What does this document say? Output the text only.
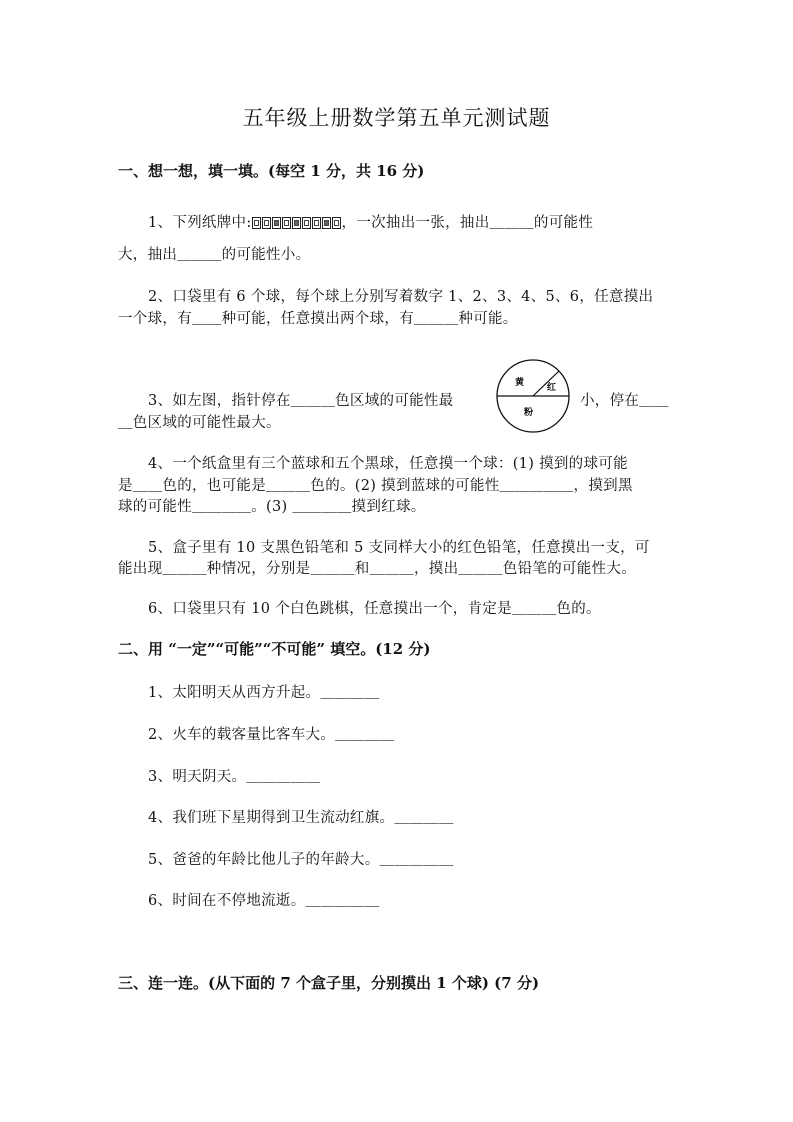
五年级上册数学第五单元测试题
一、想一想，填一填。(每空 1 分，共 16 分)
1、下列纸牌中:	，一次抽出一张，抽出＿＿＿的可能性
大，抽出＿＿＿的可能性小。
2、口袋里有 6 个球，每个球上分别写着数字 1、2、3、4、5、6，任意摸出
一个球，有＿＿种可能，任意摸出两个球，有＿＿＿种可能。
3、如左图，指针停在＿＿＿色区域的可能性最	小，停在＿＿
＿色区域的可能性最大。
黄	红
粉
4、一个纸盒里有三个蓝球和五个黑球，任意摸一个球：(1) 摸到的球可能
是＿＿色的，也可能是＿＿＿色的。(2) 摸到蓝球的可能性＿＿＿＿＿，摸到黑
球的可能性＿＿＿＿。(3) ＿＿＿＿摸到红球。
5、盒子里有 10 支黑色铅笔和 5 支同样大小的红色铅笔，任意摸出一支，可
能出现＿＿＿种情况，分别是＿＿＿和＿＿＿，摸出＿＿＿色铅笔的可能性大。
6、口袋里只有 10 个白色跳棋，任意摸出一个，肯定是＿＿＿色的。
二、用 “一定”“可能”“不可能” 填空。(12 分)
1、太阳明天从西方升起。＿＿＿＿
2、火车的载客量比客车大。＿＿＿＿
3、明天阴天。＿＿＿＿＿
4、我们班下星期得到卫生流动红旗。＿＿＿＿
5、爸爸的年龄比他儿子的年龄大。＿＿＿＿＿
6、时间在不停地流逝。＿＿＿＿＿
三、连一连。(从下面的 7 个盒子里，分别摸出 1 个球) (7 分)
